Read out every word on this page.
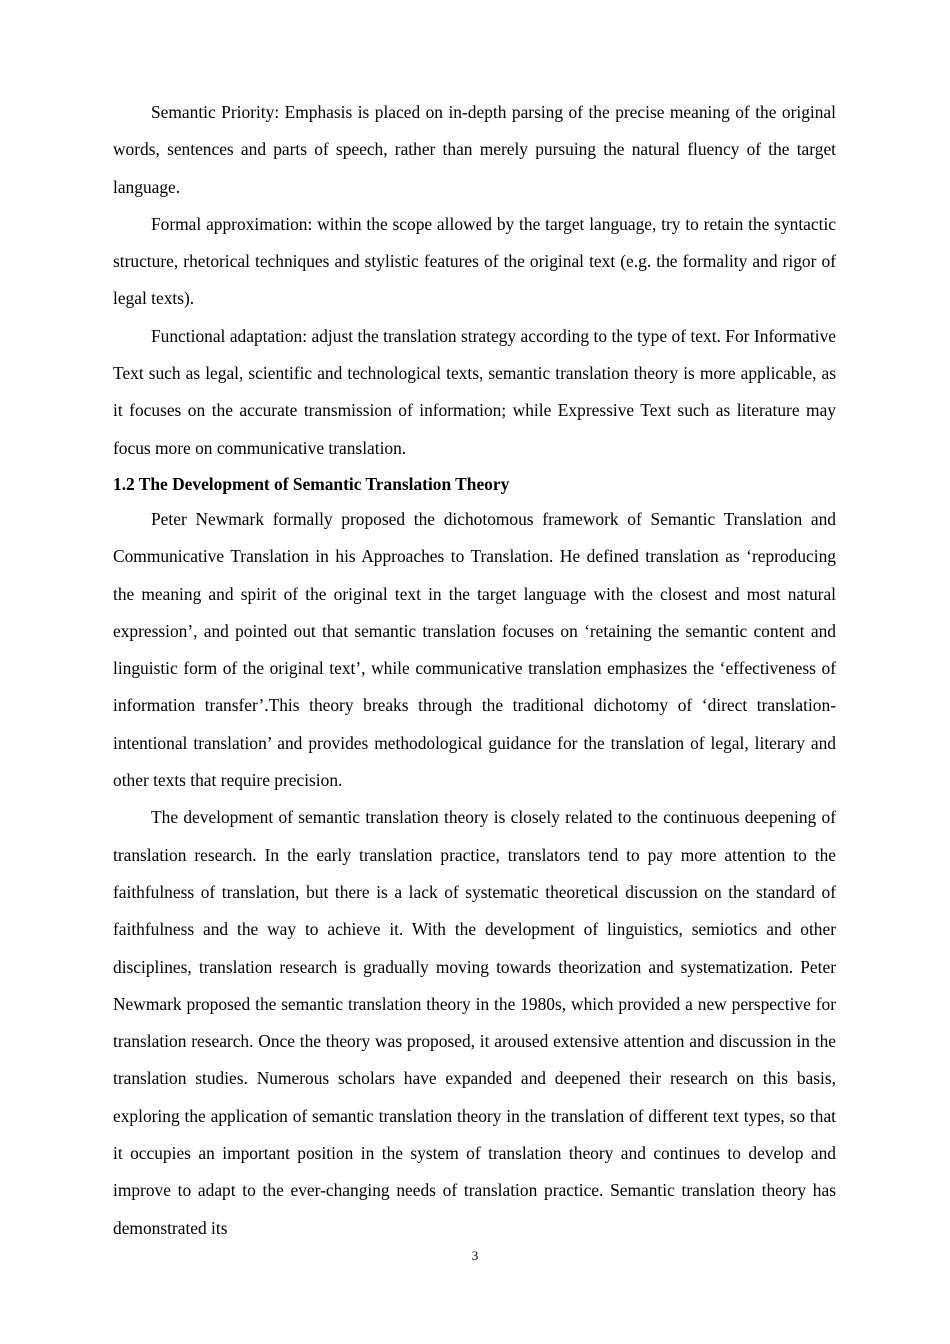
Semantic Priority: Emphasis is placed on in-depth parsing of the precise meaning of the original words, sentences and parts of speech, rather than merely pursuing the natural fluency of the target language.

Formal approximation: within the scope allowed by the target language, try to retain the syntactic structure, rhetorical techniques and stylistic features of the original text (e.g. the formality and rigor of legal texts).

Functional adaptation: adjust the translation strategy according to the type of text. For Informative Text such as legal, scientific and technological texts, semantic translation theory is more applicable, as it focuses on the accurate transmission of information; while Expressive Text such as literature may focus more on communicative translation.

1.2 The Development of Semantic Translation Theory

Peter Newmark formally proposed the dichotomous framework of Semantic Translation and Communicative Translation in his Approaches to Translation. He defined translation as ‘reproducing the meaning and spirit of the original text in the target language with the closest and most natural expression’, and pointed out that semantic translation focuses on ‘retaining the semantic content and linguistic form of the original text’, while communicative translation emphasizes the ‘effectiveness of information transfer’.This theory breaks through the traditional dichotomy of ‘direct translation-intentional translation’ and provides methodological guidance for the translation of legal, literary and other texts that require precision.

The development of semantic translation theory is closely related to the continuous deepening of translation research. In the early translation practice, translators tend to pay more attention to the faithfulness of translation, but there is a lack of systematic theoretical discussion on the standard of faithfulness and the way to achieve it. With the development of linguistics, semiotics and other disciplines, translation research is gradually moving towards theorization and systematization. Peter Newmark proposed the semantic translation theory in the 1980s, which provided a new perspective for translation research. Once the theory was proposed, it aroused extensive attention and discussion in the translation studies. Numerous scholars have expanded and deepened their research on this basis, exploring the application of semantic translation theory in the translation of different text types, so that it occupies an important position in the system of translation theory and continues to develop and improve to adapt to the ever-changing needs of translation practice. Semantic translation theory has demonstrated its

3
